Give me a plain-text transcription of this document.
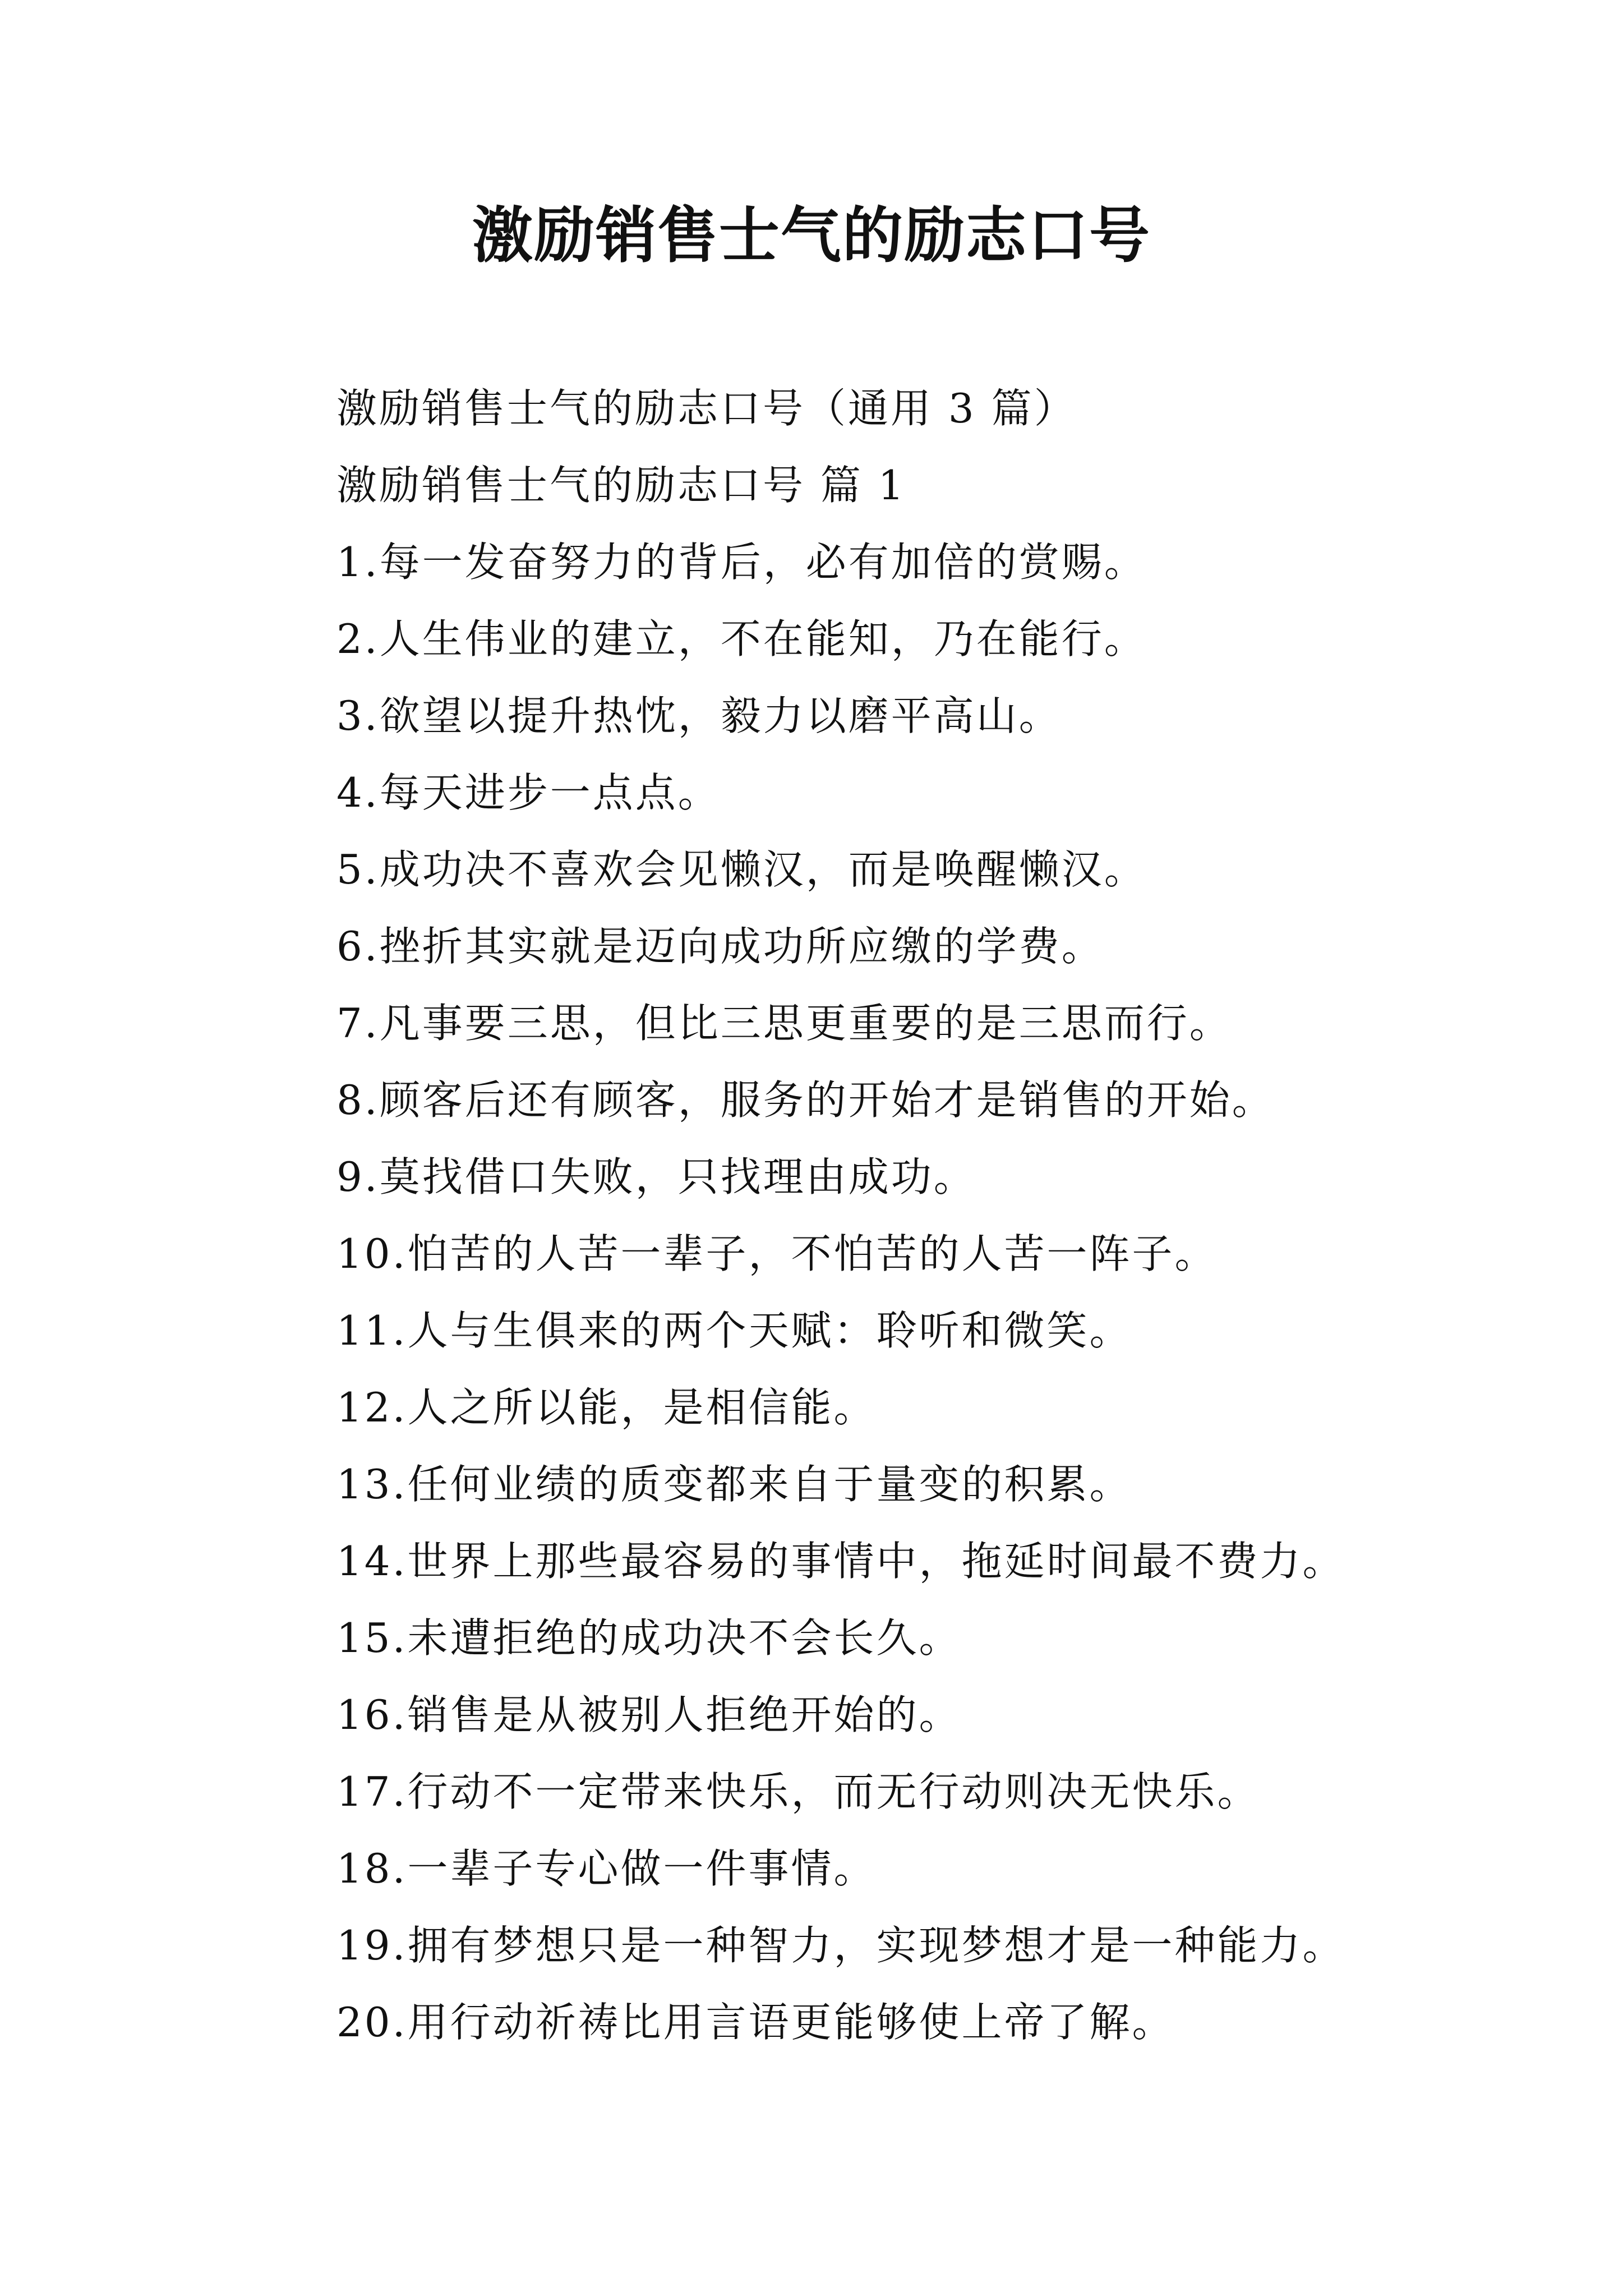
激励销售士气的励志口号
激励销售士气的励志口号（通用 3 篇）
激励销售士气的励志口号 篇 1
1.每一发奋努力的背后，必有加倍的赏赐。
2.人生伟业的建立，不在能知，乃在能行。
3.欲望以提升热忱，毅力以磨平高山。
4.每天进步一点点。
5.成功决不喜欢会见懒汉，而是唤醒懒汉。
6.挫折其实就是迈向成功所应缴的学费。
7.凡事要三思，但比三思更重要的是三思而行。
8.顾客后还有顾客，服务的开始才是销售的开始。
9.莫找借口失败，只找理由成功。
10.怕苦的人苦一辈子，不怕苦的人苦一阵子。
11.人与生俱来的两个天赋：聆听和微笑。
12.人之所以能，是相信能。
13.任何业绩的质变都来自于量变的积累。
14.世界上那些最容易的事情中，拖延时间最不费力。
15.未遭拒绝的成功决不会长久。
16.销售是从被别人拒绝开始的。
17.行动不一定带来快乐，而无行动则决无快乐。
18.一辈子专心做一件事情。
19.拥有梦想只是一种智力，实现梦想才是一种能力。
20.用行动祈祷比用言语更能够使上帝了解。
